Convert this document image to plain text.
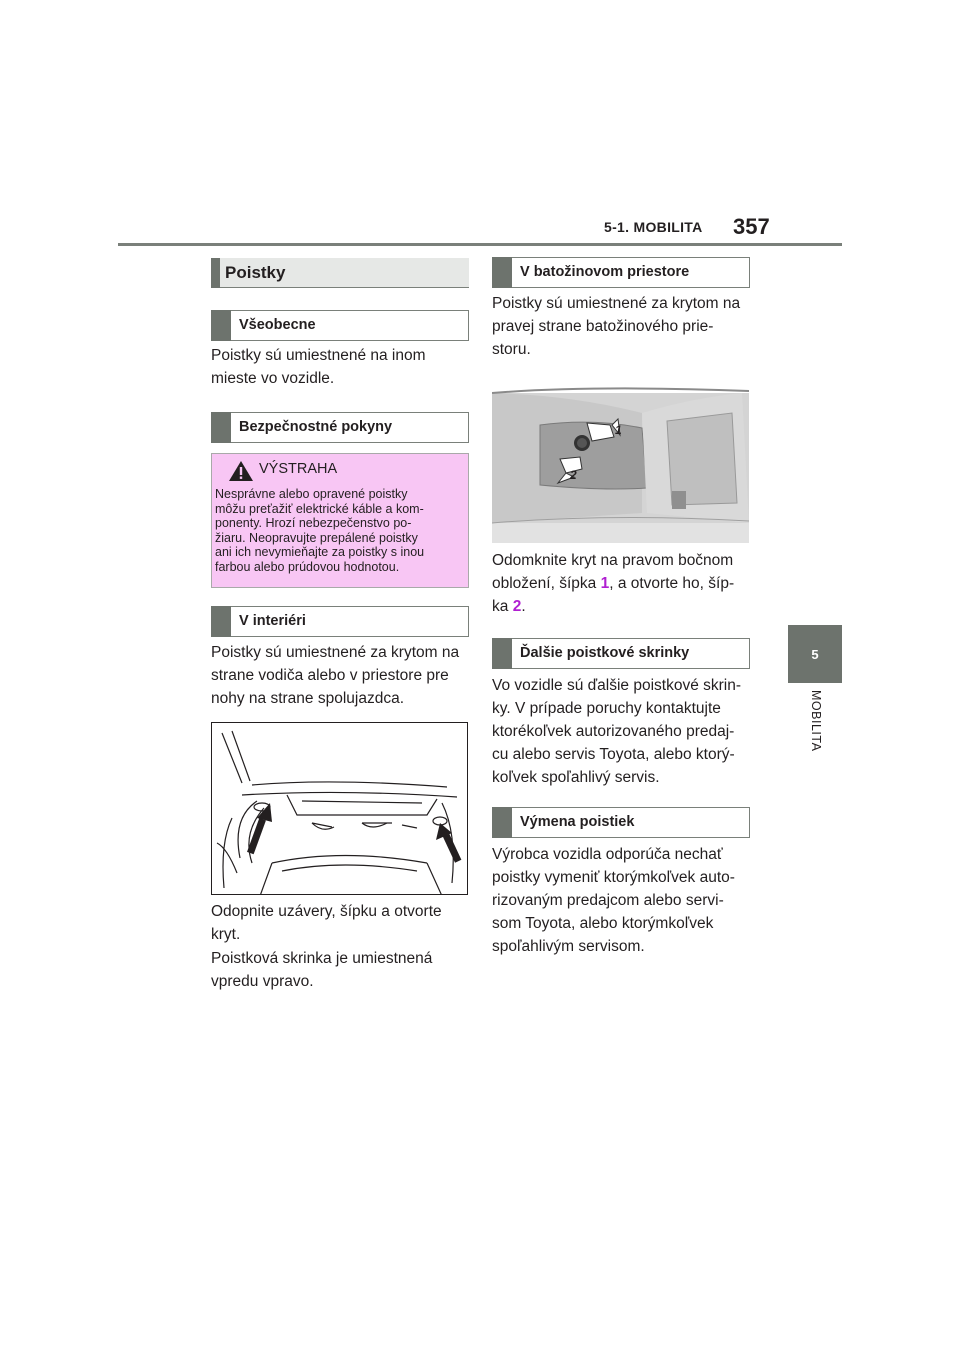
5-1. MOBILITA 357
5
MOBILITA
Poistky
Všeobecne
Poistky sú umiestnené na inom
mieste vo vozidle.
Bezpečnostné pokyny
VÝSTRAHA
Nesprávne alebo opravené poistky
môžu preťažiť elektrické káble a kom-
ponenty. Hrozí nebezpečenstvo po-
žiaru. Neopravujte prepálené poistky
ani ich nevymieňajte za poistky s inou
farbou alebo prúdovou hodnotou.
V interiéri
Poistky sú umiestnené za krytom na
strane vodiča alebo v priestore pre
nohy na strane spolujazdca.
Odopnite uzávery, šípku a otvorte
kryt.
Poistková skrinka je umiestnená
vpredu vpravo.
V batožinovom priestore
Poistky sú umiestnené za krytom na
pravej strane batožinového prie-
storu.
1
2
Odomknite kryt na pravom bočnom
obložení, šípka 1, a otvorte ho, šíp-
ka 2.
Ďalšie poistkové skrinky
Vo vozidle sú ďalšie poistkové skrin-
ky. V prípade poruchy kontaktujte
ktorékoľvek autorizovaného predaj-
cu alebo servis Toyota, alebo ktorý-
koľvek spoľahlivý servis.
Výmena poistiek
Výrobca vozidla odporúča nechať
poistky vymeniť ktorýmkoľvek auto-
rizovaným predajcom alebo servi-
som Toyota, alebo ktorýmkoľvek
spoľahlivým servisom.
